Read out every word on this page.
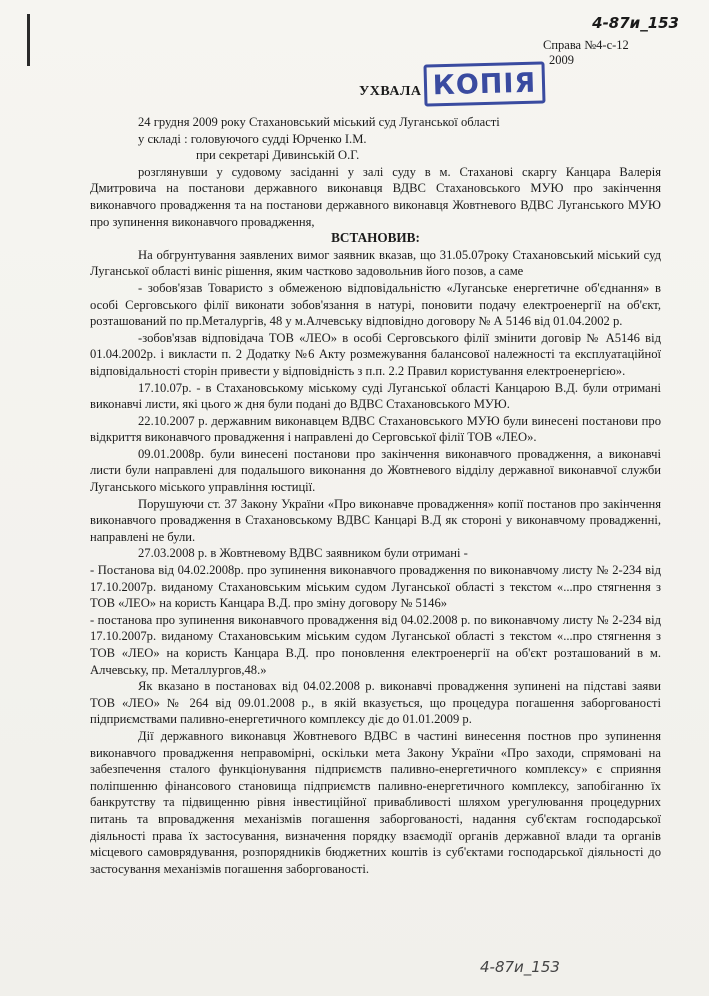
4-87и_153
Справа №4-с-12
2009
УХВАЛА КОПІЯ

24 грудня 2009 року Стахановський міський суд Луганської області

у складі : головуючого судді Юрченко І.М.

при секретарі Дивинській О.Г.

розглянувши у судовому засіданні у залі суду в м. Стаханові скаргу Канцара Валерія Дмитровича на постанови державного виконавця ВДВС Стахановського МУЮ про закінчення виконавчого провадження та на постанови державного виконавця Жовтневого ВДВС Луганського МУЮ про зупинення виконавчого провадження,

ВСТАНОВИВ:

На обгрунтування заявлених вимог заявник вказав, що 31.05.07року Стахановський міський суд Луганської області виніс рішення, яким частково задовольнив його позов, а саме

- зобов'язав Товаристо з обмеженою відповідальністю «Луганське енергетичне об'єднання» в особі Серговського філії виконати зобов'язання в натурі, поновити подачу електроенергії на об'єкт, розташований по пр.Металургів, 48 у м.Алчевську відповідно договору № А 5146 від 01.04.2002 р.

-зобов'язав відповідача ТОВ «ЛЕО» в особі Серговського філії змінити договір № А5146 від 01.04.2002р. і викласти п. 2 Додатку №6 Акту розмежування балансової належності та експлуатаційної відповідальності сторін привести у відповідність з п.п. 2.2 Правил користування електроенергією».

17.10.07р. - в Стахановському міському суді Луганської області Канцарою В.Д. були отримані виконавчі листи, які цього ж дня були подані до ВДВС Стахановського МУЮ.

22.10.2007 р. державним виконавцем ВДВС Стахановського МУЮ були винесені постанови про відкриття виконавчого провадження і направлені до Серговської філії ТОВ «ЛЕО».

09.01.2008р. були винесені постанови про закінчення виконавчого провадження, а виконавчі листи були направлені для подальшого виконання до Жовтневого відділу державної виконавчої служби Луганського міського управління юстиції.

Порушуючи ст. 37 Закону України «Про виконавче провадження» копії постанов про закінчення виконавчого провадження в Стахановському ВДВС Канцарі В.Д як стороні у виконавчому провадженні, направлені не були.

27.03.2008 р. в Жовтневому ВДВС заявником були отримані -

- Постанова від 04.02.2008р. про зупинення виконавчого провадження по виконавчому листу № 2-234 від 17.10.2007р. виданому Стахановським міським судом Луганської області з текстом «...про стягнення з ТОВ «ЛЕО» на користь Канцара В.Д. про зміну договору № 5146»

- постанова про зупинення виконавчого провадження від 04.02.2008 р. по виконавчому листу № 2-234 від 17.10.2007р. виданому Стахановським міським судом Луганської області з текстом «...про стягнення з ТОВ «ЛЕО» на користь Канцара В.Д. про поновлення електроенергії на об'єкт розташований в м. Алчевську, пр. Металлургов,48.»

Як вказано в постановах від 04.02.2008 р. виконавчі провадження зупинені на підставі заяви ТОВ «ЛЕО» № 264 від 09.01.2008 р., в якій вказується, що процедура погашення заборгованості підприємствами паливно-енергетичного комплексу діє до 01.01.2009 р.

Дії державного виконавця Жовтневого ВДВС в частині винесення постнов про зупинення виконавчого провадження неправомірні, оскільки мета Закону України «Про заходи, спрямовані на забезпечення сталого функціонування підприємств паливно-енергетичного комплексу» є сприяння поліпшенню фінансового становища підприємств паливно-енергетичного комплексу, запобіганню їх банкрутству та підвищенню рівня інвестиційної привабливості шляхом урегулювання процедурних питань та впровадження механізмів погашення заборгованості, надання суб'єктам господарської діяльності права їх застосування, визначення порядку взаємодії органів державної влади та органів місцевого самоврядування, розпорядників бюджетних коштів із суб'єктами господарської діяльності до застосування механізмів погашення заборгованості.

4-87и_153
